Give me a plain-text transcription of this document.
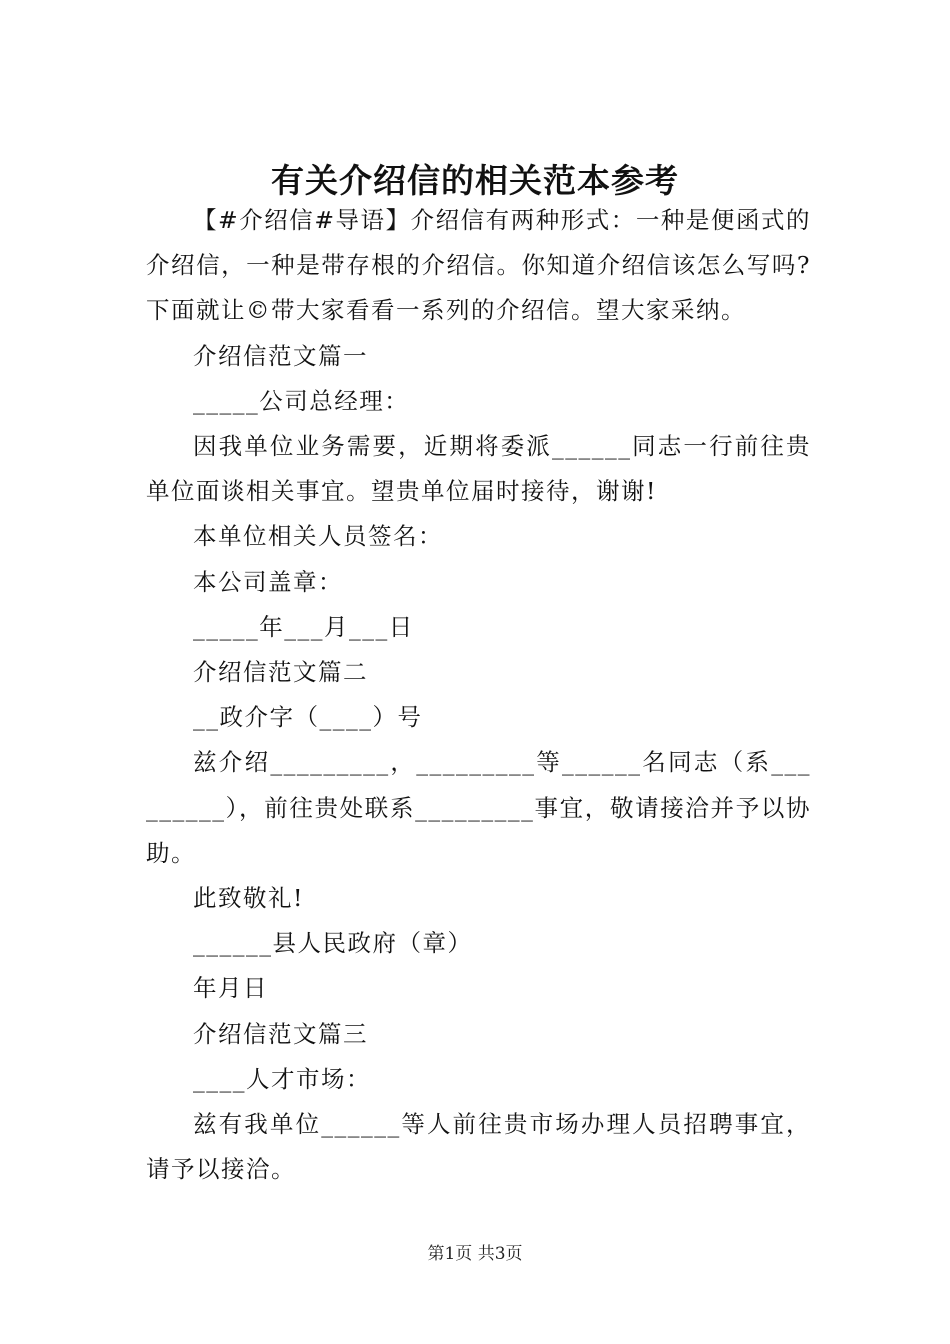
有关介绍信的相关范本参考

【#介绍信#导语】介绍信有两种形式：一种是便函式的介绍信，一种是带存根的介绍信。你知道介绍信该怎么写吗?下面就让©带大家看看一系列的介绍信。望大家采纳。

介绍信范文篇一

_____公司总经理：

因我单位业务需要，近期将委派______同志一行前往贵单位面谈相关事宜。望贵单位届时接待，谢谢!

本单位相关人员签名：

本公司盖章：

_____年___月___日

介绍信范文篇二

__政介字（____）号

兹介绍_________，_________等______名同志（系_________），前往贵处联系_________事宜，敬请接洽并予以协助。

此致敬礼!

______县人民政府（章）

年月日

介绍信范文篇三

____人才市场：

兹有我单位______等人前往贵市场办理人员招聘事宜，请予以接洽。

第1页 共3页
